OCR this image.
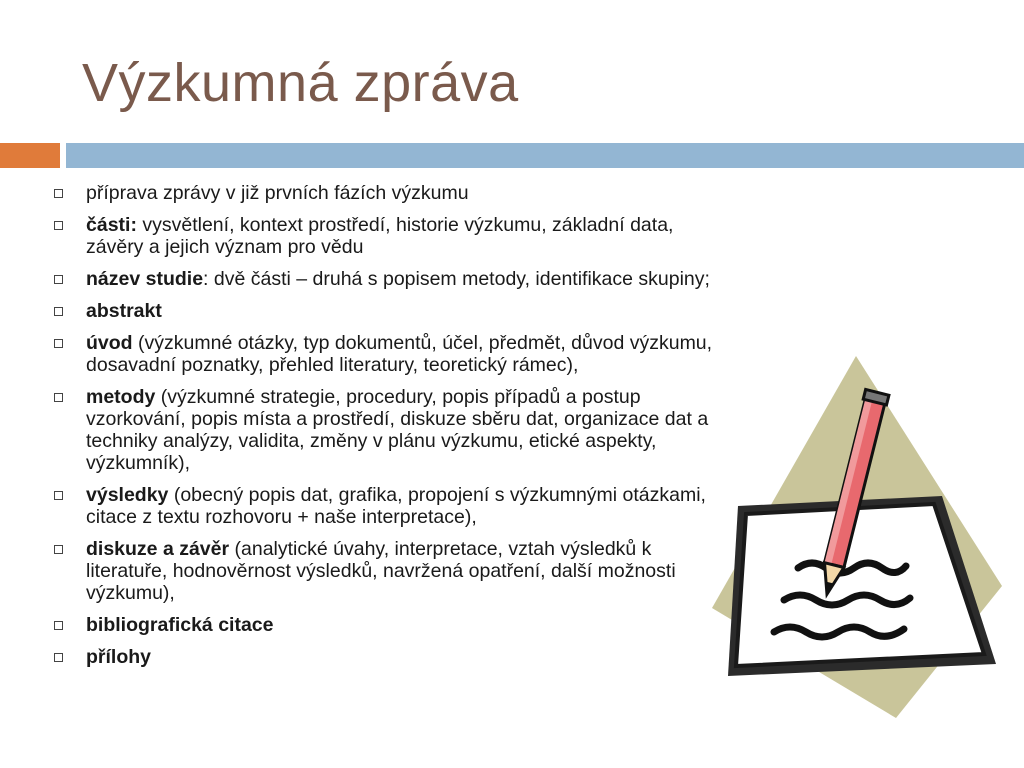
Výzkumná zpráva
příprava zprávy v již prvních fázích výzkumu
části: vysvětlení, kontext prostředí, historie výzkumu, základní data, závěry a jejich význam pro vědu
název studie: dvě části – druhá s popisem metody, identifikace skupiny;
abstrakt
úvod (výzkumné otázky, typ dokumentů, účel, předmět, důvod výzkumu, dosavadní poznatky, přehled literatury, teoretický rámec),
metody (výzkumné strategie, procedury, popis případů a postup vzorkování, popis místa a prostředí, diskuze sběru dat, organizace dat a techniky analýzy, validita, změny v plánu výzkumu, etické aspekty, výzkumník),
výsledky (obecný popis dat, grafika, propojení s výzkumnými otázkami, citace z textu rozhovoru + naše interpretace),
diskuze a závěr (analytické úvahy, interpretace, vztah výsledků k literatuře, hodnověrnost výsledků, navržená opatření, další možnosti výzkumu),
bibliografická citace
přílohy
